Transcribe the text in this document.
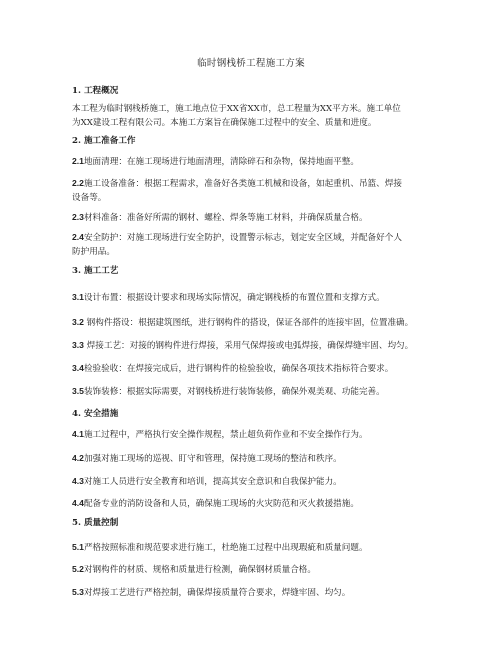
临时钢栈桥工程施工方案
1. 工程概况
本工程为临时钢栈桥施工，施工地点位于XX省XX市，总工程量为XX平方米。施工单位
为XX建设工程有限公司。本施工方案旨在确保施工过程中的安全、质量和进度。
2. 施工准备工作
2.1地面清理：在施工现场进行地面清理，清除碎石和杂物，保持地面平整。
2.2施工设备准备：根据工程需求，准备好各类施工机械和设备，如起重机、吊篮、焊接
设备等。
2.3材料准备：准备好所需的钢材、螺栓、焊条等施工材料，并确保质量合格。
2.4安全防护：对施工现场进行安全防护，设置警示标志，划定安全区域，并配备好个人
防护用品。
3. 施工工艺
3.1设计布置：根据设计要求和现场实际情况，确定钢栈桥的布置位置和支撑方式。
3.2 钢构件搭设：根据建筑图纸，进行钢构件的搭设，保证各部件的连接牢固，位置准确。
3.3 焊接工艺：对接的钢构件进行焊接，采用气保焊接或电弧焊接，确保焊缝牢固、均匀。
3.4检验验收：在焊接完成后，进行钢构件的检验验收，确保各项技术指标符合要求。
3.5装饰装修：根据实际需要，对钢栈桥进行装饰装修，确保外观美观、功能完善。
4. 安全措施
4.1施工过程中，严格执行安全操作规程，禁止超负荷作业和不安全操作行为。
4.2加强对施工现场的巡视、盯守和管理，保持施工现场的整洁和秩序。
4.3对施工人员进行安全教育和培训，提高其安全意识和自我保护能力。
4.4配备专业的消防设备和人员，确保施工现场的火灾防范和灭火救援措施。
5. 质量控制
5.1严格按照标准和规范要求进行施工，杜绝施工过程中出现瑕疵和质量问题。
5.2对钢构件的材质、规格和质量进行检测，确保钢材质量合格。
5.3对焊接工艺进行严格控制，确保焊接质量符合要求，焊缝牢固、均匀。
